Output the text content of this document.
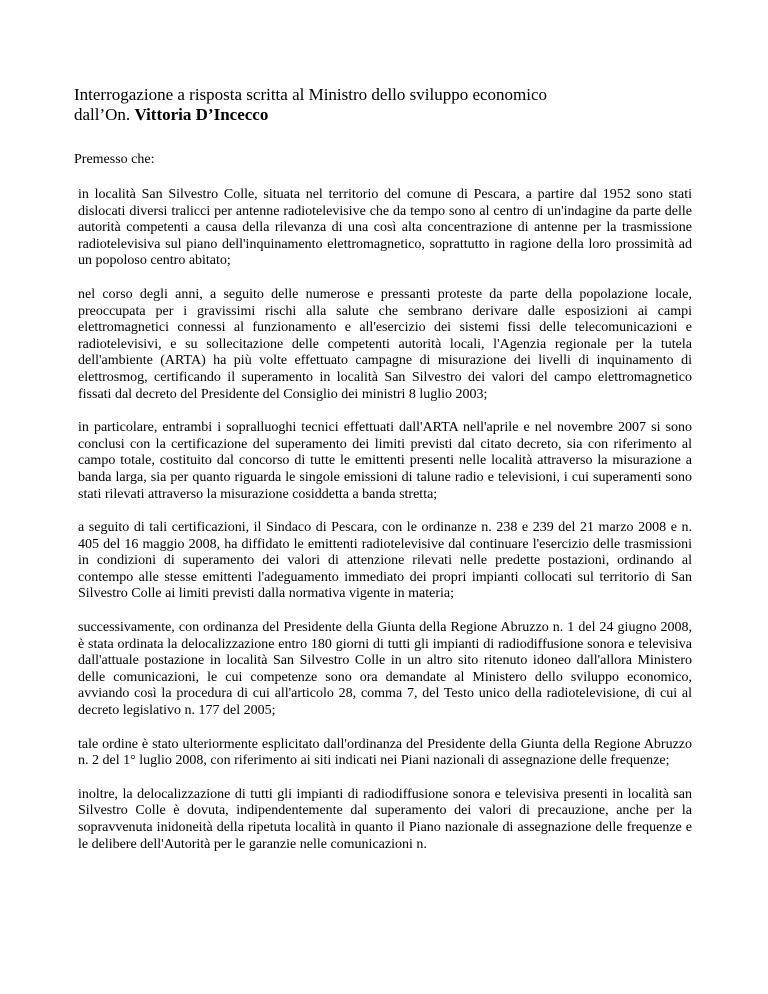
Interrogazione a risposta scritta al Ministro dello sviluppo economico
dall’On. Vittoria D’Incecco
Premesso che:

in località San Silvestro Colle, situata nel territorio del comune di Pescara, a partire dal 1952 sono stati dislocati diversi tralicci per antenne radiotelevisive che da tempo sono al centro di un'indagine da parte delle autorità competenti a causa della rilevanza di una così alta concentrazione di antenne per la trasmissione radiotelevisiva sul piano dell'inquinamento elettromagnetico, soprattutto in ragione della loro prossimità ad un popoloso centro abitato;

nel corso degli anni, a seguito delle numerose e pressanti proteste da parte della popolazione locale, preoccupata per i gravissimi rischi alla salute che sembrano derivare dalle esposizioni ai campi elettromagnetici connessi al funzionamento e all'esercizio dei sistemi fissi delle telecomunicazioni e radiotelevisivi, e su sollecitazione delle competenti autorità locali, l'Agenzia regionale per la tutela dell'ambiente (ARTA) ha più volte effettuato campagne di misurazione dei livelli di inquinamento di elettrosmog, certificando il superamento in località San Silvestro dei valori del campo elettromagnetico fissati dal decreto del Presidente del Consiglio dei ministri 8 luglio 2003;

in particolare, entrambi i sopralluoghi tecnici effettuati dall'ARTA nell'aprile e nel novembre 2007 si sono conclusi con la certificazione del superamento dei limiti previsti dal citato decreto, sia con riferimento al campo totale, costituito dal concorso di tutte le emittenti presenti nelle località attraverso la misurazione a banda larga, sia per quanto riguarda le singole emissioni di talune radio e televisioni, i cui superamenti sono stati rilevati attraverso la misurazione cosiddetta a banda stretta;

a seguito di tali certificazioni, il Sindaco di Pescara, con le ordinanze n. 238 e 239 del 21 marzo 2008 e n. 405 del 16 maggio 2008, ha diffidato le emittenti radiotelevisive dal continuare l'esercizio delle trasmissioni in condizioni di superamento dei valori di attenzione rilevati nelle predette postazioni, ordinando al contempo alle stesse emittenti l'adeguamento immediato dei propri impianti collocati sul territorio di San Silvestro Colle ai limiti previsti dalla normativa vigente in materia;

successivamente, con ordinanza del Presidente della Giunta della Regione Abruzzo n. 1 del 24 giugno 2008, è stata ordinata la delocalizzazione entro 180 giorni di tutti gli impianti di radiodiffusione sonora e televisiva dall'attuale postazione in località San Silvestro Colle in un altro sito ritenuto idoneo dall'allora Ministero delle comunicazioni, le cui competenze sono ora demandate al Ministero dello sviluppo economico, avviando così la procedura di cui all'articolo 28, comma 7, del Testo unico della radiotelevisione, di cui al decreto legislativo n. 177 del 2005;

tale ordine è stato ulteriormente esplicitato dall'ordinanza del Presidente della Giunta della Regione Abruzzo n. 2 del 1° luglio 2008, con riferimento ai siti indicati nei Piani nazionali di assegnazione delle frequenze;

inoltre, la delocalizzazione di tutti gli impianti di radiodiffusione sonora e televisiva presenti in località san Silvestro Colle è dovuta, indipendentemente dal superamento dei valori di precauzione, anche per la sopravvenuta inidoneità della ripetuta località in quanto il Piano nazionale di assegnazione delle frequenze e le delibere dell'Autorità per le garanzie nelle comunicazioni n.
